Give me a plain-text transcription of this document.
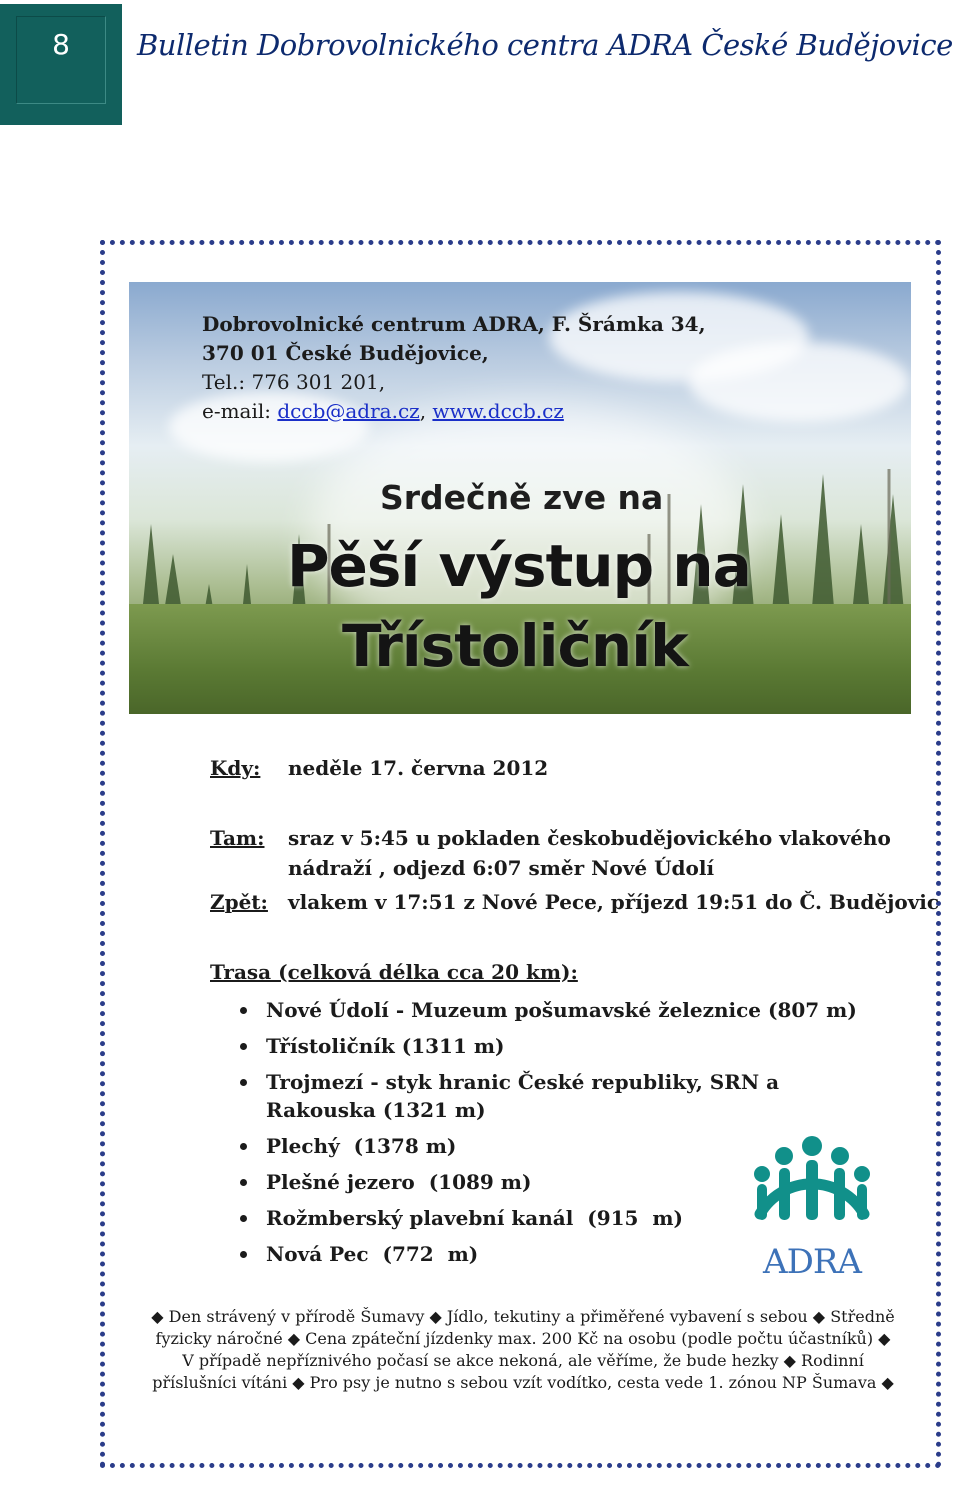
8	Bulletin Dobrovolnického centra ADRA České Budějovice
Dobrovolnické centrum ADRA, F. Šrámka 34,
370 01 České Budějovice,
Tel.: 776 301 201,
e-mail: dccb@adra.cz, www.dccb.cz
Srdečně zve na
Pěší výstup na
Třístoličník
Kdy: neděle 17. června 2012
Tam: sraz v 5:45 u pokladen českobudějovického vlakového
nádraží , odjezd 6:07 směr Nové Údolí
Zpět: vlakem v 17:51 z Nové Pece, příjezd 19:51 do Č. Budějovic
Trasa (celková délka cca 20 km):
Nové Údolí - Muzeum pošumavské železnice (807 m)
Třístoličník (1311 m)
Trojmezí - styk hranic České republiky, SRN a Rakouska (1321 m)
Plechý  (1378 m)
Plešné jezero  (1089 m)
Rožmberský plavební kanál  (915  m)
Nová Pec  (772  m)	ADRA
◆ Den strávený v přírodě Šumavy ◆ Jídlo, tekutiny a přiměřené vybavení s sebou ◆ Středně fyzicky náročné ◆ Cena zpáteční jízdenky max. 200 Kč na osobu (podle počtu účastníků) ◆ V případě nepříznivého počasí se akce nekoná, ale věříme, že bude hezky ◆ Rodinní příslušníci vítáni ◆ Pro psy je nutno s sebou vzít vodítko, cesta vede 1. zónou NP Šumava ◆
